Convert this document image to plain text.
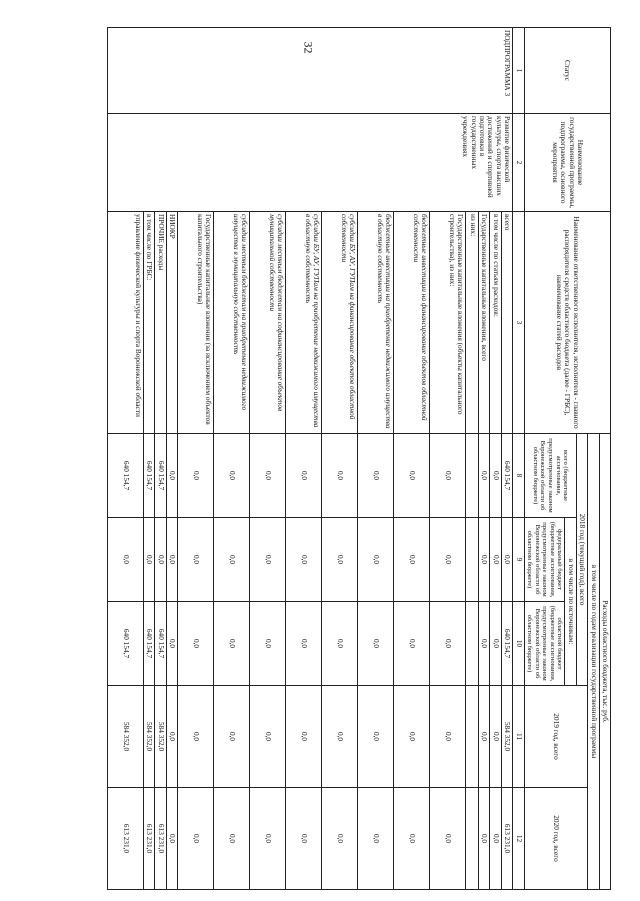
32
Статус	Наименование государственной программы, подпрограммы, основного мероприятия	Наименование ответственного исполнителя, исполнителя - главного распорядителя средств областного бюджета (далее - ГРБС), наименование статей расходов	Расходы областного бюджета, тыс. руб.				
			в том числе по годам реализации государственной программы				
			2018 год (текущий год), всего			2019 год, всего	2020 год, всего
			всего (бюджетные ассигнования, предусмотренные законом Воронежской области об областном бюджете)	в том числе по источникам:			
				федеральный бюджет (бюджетные ассигнования, предусмотренные законом Воронежской области об областном бюджете)	областной бюджет (бюджетные ассигнования, предусмотренные законом Воронежской области об областном бюджете)		
1	2	3	8	9	10	11	12
ПОДПРОГРАММА 3	Развитие физической культуры, спорта высших достижений и спортивной подготовки в государственных учреждениях	всего	640 154,7	0,0	640 154,7	584 352,0	613 231,0
		в том числе по статьям расходов:	0,0	0,0	0,0	0,0	0,0
		Государственные капитальные вложения, всего	0,0	0,0	0,0	0,0	0,0
		из них:					
		Государственные капитальные вложения (объекты капитального строительства), из них:	0,0	0,0	0,0	0,0	0,0
		бюджетные инвестиции на финансирование объектов областной собственности	0,0	0,0	0,0	0,0	0,0
		бюджетные инвестиции на приобретение недвижимого имущества в областную собственность	0,0	0,0	0,0	0,0	0,0
		субсидии БУ, АУ, ГУПам на финансирование объектов областной собственности	0,0	0,0	0,0	0,0	0,0
		субсидии БУ, АУ, ГУПам на приобретение недвижимого имущества в областную собственность	0,0	0,0	0,0	0,0	0,0
		субсидии местным бюджетам на софинансирование объектов муниципальной собственности	0,0	0,0	0,0	0,0	0,0
		субсидии местным бюджетам на приобретение недвижимого имущества в муниципальную собственность	0,0	0,0	0,0	0,0	0,0
		Государственные капитальные вложения (за исключением объектов капитального строительства)	0,0	0,0	0,0	0,0	0,0
		НИОКР	0,0	0,0	0,0	0,0	0,0
		ПРОЧИЕ расходы	640 154,7	0,0	640 154,7	584 352,0	613 231,0
		в том числе по ГРБС:	640 154,7	0,0	640 154,7	584 352,0	613 231,0
		управление физической культуры и спорта Воронежской области	640 154,7	0,0	640 154,7	584 352,0	613 231,0
